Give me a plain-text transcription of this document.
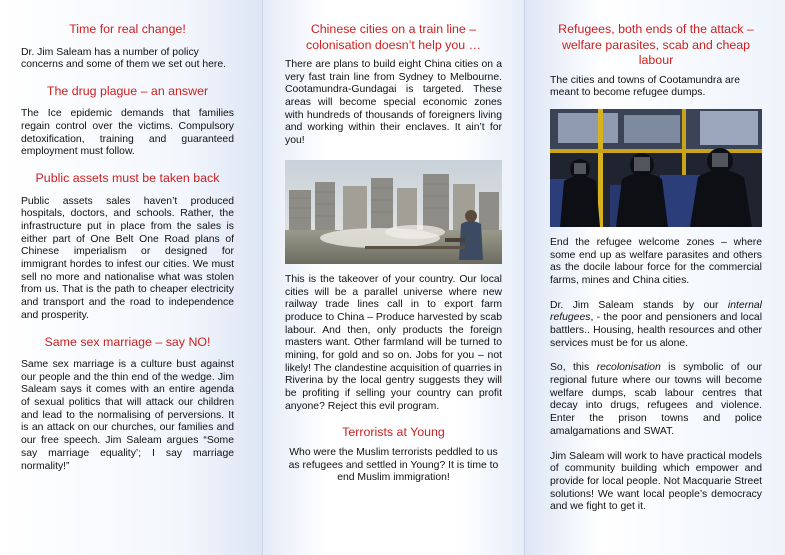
Time for real change!

Dr. Jim Saleam has a number of policy concerns and some of them we set out here.

The drug plague – an answer

The Ice epidemic demands that families regain control over the victims. Compulsory detoxification, training and guaranteed employment must follow.

Public assets must be taken back

Public assets sales haven’t produced hospitals, doctors, and schools. Rather, the infrastructure put in place from the sales is either part of One Belt One Road plans of Chinese imperialism or designed for immigrant hordes to infest our cities. We must sell no more and nationalise what was stolen from us. That is the path to cheaper electricity and transport and the road to independence and prosperity.

Same sex marriage – say NO!

Same sex marriage is a culture bust against our people and the thin end of the wedge. Jim Saleam says it comes with an entire agenda of sexual politics that will attack our children and lead to the normalising of perversions. It is an attack on our churches, our families and our free speech. Jim Saleam argues “Some say marriage equality’; I say marriage normality!”

Chinese cities on a train line – colonisation doesn’t help you …

There are plans to build eight China cities on a very fast train line from Sydney to Melbourne. Cootamundra-Gundagai is targeted. These areas will become special economic zones with hundreds of thousands of foreigners living and working within their enclaves. It ain’t for you!

This is the takeover of your country. Our local cities will be a parallel universe where new railway trade lines call in to export farm produce to China – Produce harvested by scab labour. And then, only products the foreign masters want. Other farmland will be turned to mining, for gold and so on. Jobs for you – not likely! The clandestine acquisition of quarries in Riverina by the local gentry suggests they will be profiting if selling your country can profit anyone? Reject this evil program.

Terrorists at Young

Who were the Muslim terrorists peddled to us as refugees and settled in Young? It is time to end Muslim immigration!

Refugees, both ends of the attack – welfare parasites, scab and cheap labour

The cities and towns of Cootamundra are meant to become refugee dumps.

End the refugee welcome zones – where some end up as welfare parasites and others as the docile labour force for the commercial farms, mines and China cities.

Dr. Jim Saleam stands by our internal refugees, - the poor and pensioners and local battlers.. Housing, health resources and other services must be for us alone.

So, this recolonisation is symbolic of our regional future where our towns will become welfare dumps, scab labour centres that decay into drugs, refugees and violence. Enter the prison towns and police amalgamations and SWAT.

Jim Saleam will work to have practical models of community building which empower and provide for local people. Not Macquarie Street solutions! We want local people’s democracy and we fight to get it.
